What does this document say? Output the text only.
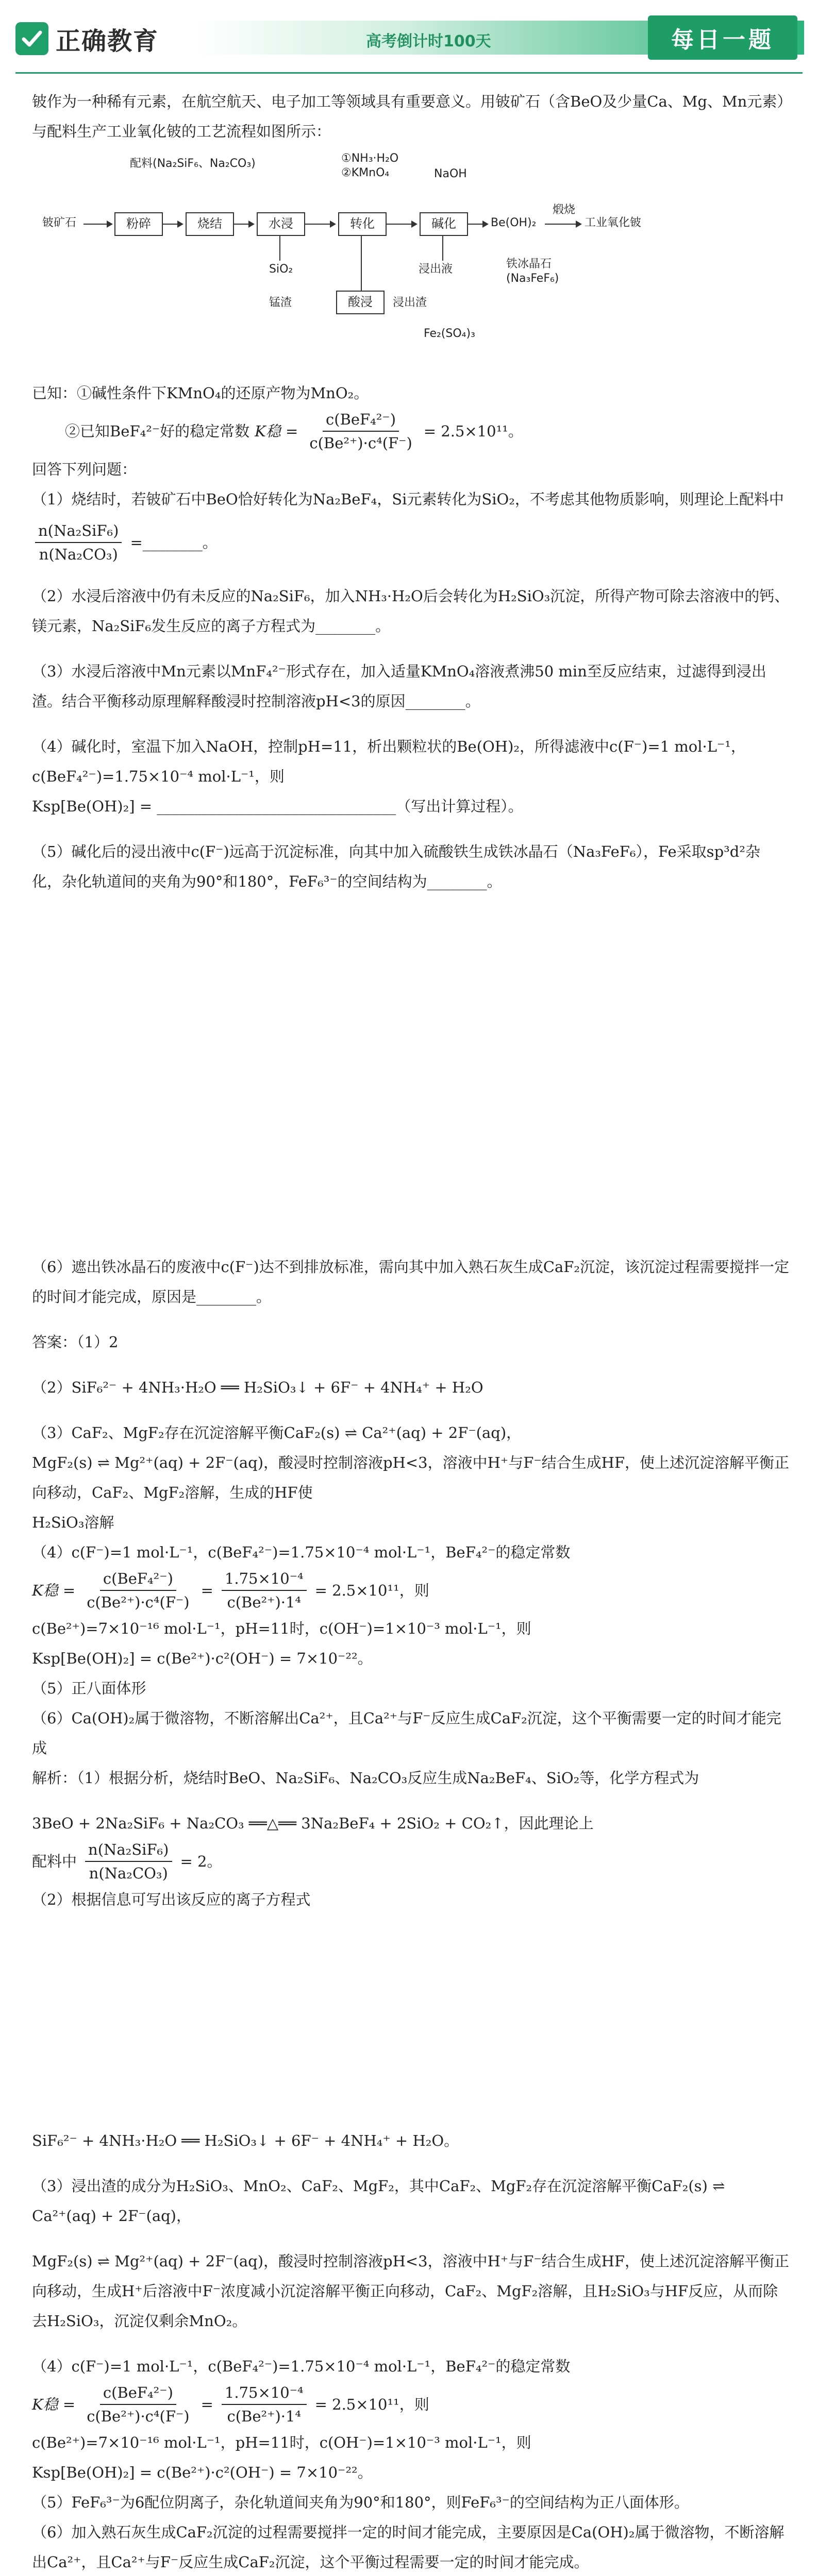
正确教育	高考倒计时100天	每日一题

铍作为一种稀有元素，在航空航天、电子加工等领域具有重要意义。用铍矿石（含BeO及少量Ca、Mg、Mn元素）与配料生产工业氧化铍的工艺流程如图所示：

配料(Na₂SiF₆、Na₂CO₃)	①NH₃·H₂O
②KMnO₄	NaOH
铍矿石	粉碎	烧结	水浸	转化	碱化	Be(OH)₂
煅烧
工业氧化铍
SiO₂
酸浸
锰渣	浸出渣
浸出液	铁冰晶石
(Na₃FeF₆)
Fe₂(SO₄)₃

已知：①碱性条件下KMnO₄的还原产物为MnO₂。

②已知BeF₄²⁻好的稳定常数 K稳 = $\frac{\text{c(BeF₄²⁻)}}{\text{c(Be²⁺)·c⁴(F⁻)}} = 2.5\times 10^{11}$。

回答下列问题：

（1）烧结时，若铍矿石中BeO恰好转化为Na₂BeF₄，Si元素转化为SiO₂，不考虑其他物质影响，则理论上配料中
$\frac{\text{n(Na₂SiF₆)}}{\text{n(Na₂CO₃)}}$ =________。

（2）水浸后溶液中仍有未反应的Na₂SiF₆，加入NH₃·H₂O后会转化为H₂SiO₃沉淀，所得产物可除去溶液中的钙、镁元素，Na₂SiF₆发生反应的离子方程式为________。

（3）水浸后溶液中Mn元素以MnF₄²⁻形式存在，加入适量KMnO₄溶液煮沸50 min至反应结束，过滤得到浸出渣。结合平衡移动原理解释酸浸时控制溶液pH<3的原因________。

（4）碱化时，室温下加入NaOH，控制pH=11，析出颗粒状的Be(OH)₂，所得滤液中c(F⁻)=1 mol·L⁻¹，c(BeF₄²⁻)=1.75×10⁻⁴ mol·L⁻¹，则

Ksp[Be(OH)₂] = ________________________________（写出计算过程）。

（5）碱化后的浸出液中c(F⁻)远高于沉淀标准，向其中加入硫酸铁生成铁冰晶石（Na₃FeF₆），Fe采取sp³d²杂化，杂化轨道间的夹角为90°和180°，FeF₆³⁻的空间结构为________。

（6）遮出铁冰晶石的废液中c(F⁻)达不到排放标准，需向其中加入熟石灰生成CaF₂沉淀，该沉淀过程需要搅拌一定的时间才能完成，原因是________。

答案：（1）2

（2）SiF₆²⁻ + 4NH₃·H₂O ══ H₂SiO₃↓ + 6F⁻ + 4NH₄⁺ + H₂O

（3）CaF₂、MgF₂存在沉淀溶解平衡CaF₂(s) ⇌ Ca²⁺(aq) + 2F⁻(aq)，

MgF₂(s) ⇌ Mg²⁺(aq) + 2F⁻(aq)，酸浸时控制溶液pH<3，溶液中H⁺与F⁻结合生成HF，使上述沉淀溶解平衡正向移动，CaF₂、MgF₂溶解，生成的HF使

H₂SiO₃溶解

（4）c(F⁻)=1 mol·L⁻¹，c(BeF₄²⁻)=1.75×10⁻⁴ mol·L⁻¹，BeF₄²⁻的稳定常数

K稳 = $\frac{\text{c(BeF₄²⁻)}}{\text{c(Be²⁺)·c⁴(F⁻)}} = \frac{\text{1.75×10⁻⁴}}{\text{c(Be²⁺)·1⁴}} = 2.5\times 10^{11}$，则

c(Be²⁺)=7×10⁻¹⁶ mol·L⁻¹，pH=11时，c(OH⁻)=1×10⁻³ mol·L⁻¹，则

Ksp[Be(OH)₂] = c(Be²⁺)·c²(OH⁻) = 7×10⁻²²。

（5）正八面体形

（6）Ca(OH)₂属于微溶物，不断溶解出Ca²⁺，且Ca²⁺与F⁻反应生成CaF₂沉淀，这个平衡需要一定的时间才能完成

解析：（1）根据分析，烧结时BeO、Na₂SiF₆、Na₂CO₃反应生成Na₂BeF₄、SiO₂等，化学方程式为

3BeO + 2Na₂SiF₆ + Na₂CO₃ ══△══ 3Na₂BeF₄ + 2SiO₂ + CO₂↑，因此理论上

配料中 $\frac{\text{n(Na₂SiF₆)}}{\text{n(Na₂CO₃)}} = 2$。

（2）根据信息可写出该反应的离子方程式

SiF₆²⁻ + 4NH₃·H₂O ══ H₂SiO₃↓ + 6F⁻ + 4NH₄⁺ + H₂O。

（3）浸出渣的成分为H₂SiO₃、MnO₂、CaF₂、MgF₂，其中CaF₂、MgF₂存在沉淀溶解平衡CaF₂(s) ⇌ Ca²⁺(aq) + 2F⁻(aq)，

MgF₂(s) ⇌ Mg²⁺(aq) + 2F⁻(aq)，酸浸时控制溶液pH<3，溶液中H⁺与F⁻结合生成HF，使上述沉淀溶解平衡正向移动，生成H⁺后溶液中F⁻浓度减小沉淀溶解平衡正向移动，CaF₂、MgF₂溶解，且H₂SiO₃与HF反应，从而除去H₂SiO₃，沉淀仅剩余MnO₂。

（4）c(F⁻)=1 mol·L⁻¹，c(BeF₄²⁻)=1.75×10⁻⁴ mol·L⁻¹，BeF₄²⁻的稳定常数

K稳 = $\frac{\text{c(BeF₄²⁻)}}{\text{c(Be²⁺)·c⁴(F⁻)}} = \frac{\text{1.75×10⁻⁴}}{\text{c(Be²⁺)·1⁴}} = 2.5\times 10^{11}$，则

c(Be²⁺)=7×10⁻¹⁶ mol·L⁻¹，pH=11时，c(OH⁻)=1×10⁻³ mol·L⁻¹，则

Ksp[Be(OH)₂] = c(Be²⁺)·c²(OH⁻) = 7×10⁻²²。

（5）FeF₆³⁻为6配位阴离子，杂化轨道间夹角为90°和180°，则FeF₆³⁻的空间结构为正八面体形。

（6）加入熟石灰生成CaF₂沉淀的过程需要搅拌一定的时间才能完成，主要原因是Ca(OH)₂属于微溶物，不断溶解出Ca²⁺，且Ca²⁺与F⁻反应生成CaF₂沉淀，这个平衡过程需要一定的时间才能完成。
